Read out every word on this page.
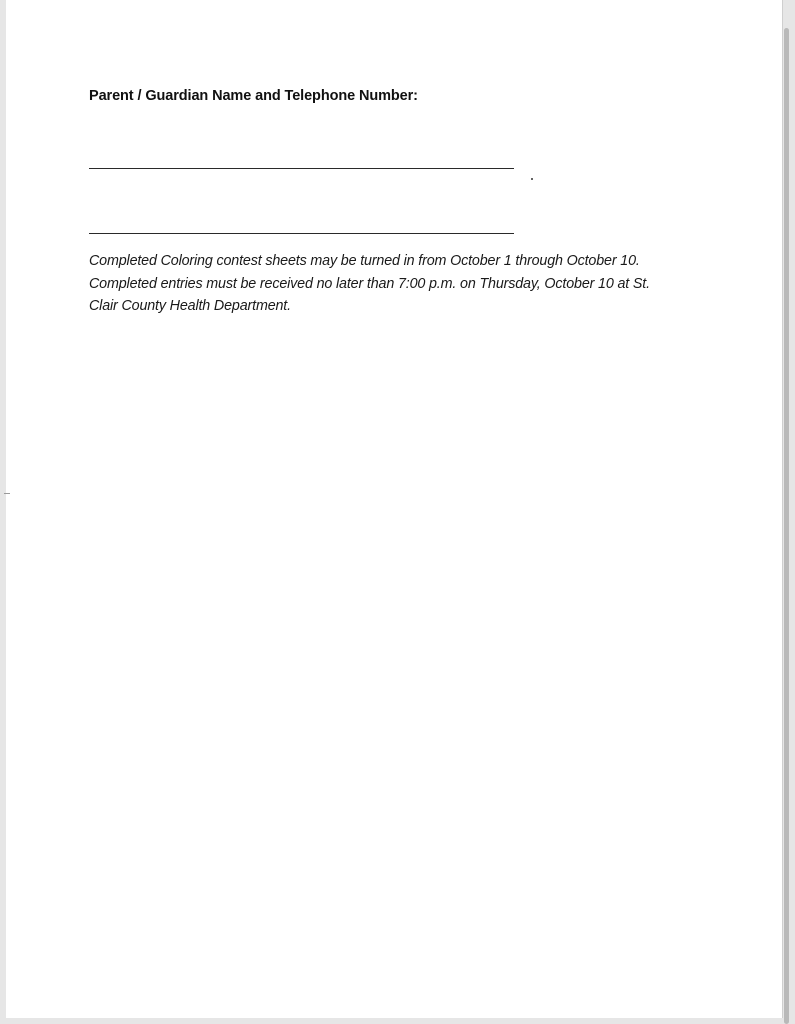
Parent / Guardian Name and Telephone Number:
Completed Coloring contest sheets may be turned in from October 1 through October 10.
Completed entries must be received no later than 7:00 p.m. on Thursday, October 10 at St.
Clair County Health Department.
